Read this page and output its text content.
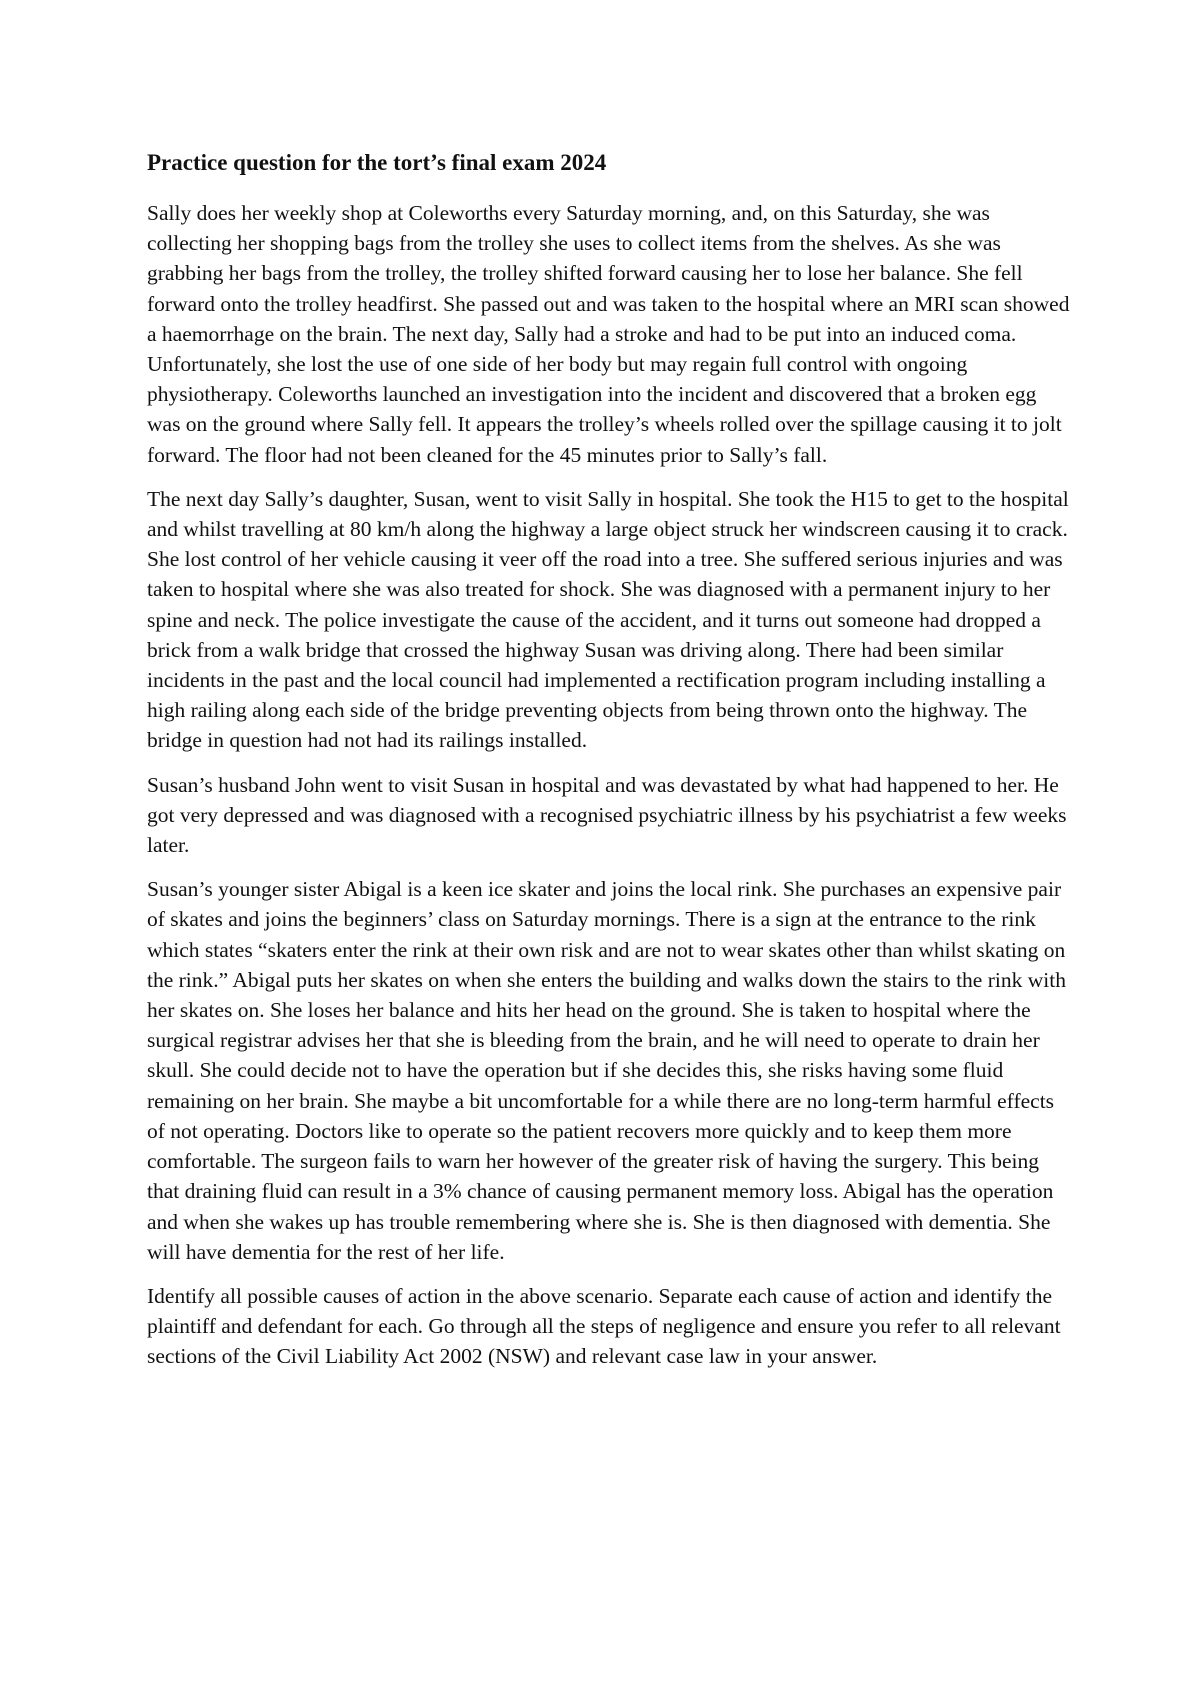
Practice question for the tort’s final exam 2024

Sally does her weekly shop at Coleworths every Saturday morning, and, on this Saturday, she was collecting her shopping bags from the trolley she uses to collect items from the shelves. As she was grabbing her bags from the trolley, the trolley shifted forward causing her to lose her balance. She fell forward onto the trolley headfirst. She passed out and was taken to the hospital where an MRI scan showed a haemorrhage on the brain. The next day, Sally had a stroke and had to be put into an induced coma. Unfortunately, she lost the use of one side of her body but may regain full control with ongoing physiotherapy. Coleworths launched an investigation into the incident and discovered that a broken egg was on the ground where Sally fell. It appears the trolley’s wheels rolled over the spillage causing it to jolt forward. The floor had not been cleaned for the 45 minutes prior to Sally’s fall.

The next day Sally’s daughter, Susan, went to visit Sally in hospital. She took the H15 to get to the hospital and whilst travelling at 80 km/h along the highway a large object struck her windscreen causing it to crack. She lost control of her vehicle causing it veer off the road into a tree. She suffered serious injuries and was taken to hospital where she was also treated for shock. She was diagnosed with a permanent injury to her spine and neck. The police investigate the cause of the accident, and it turns out someone had dropped a brick from a walk bridge that crossed the highway Susan was driving along. There had been similar incidents in the past and the local council had implemented a rectification program including installing a high railing along each side of the bridge preventing objects from being thrown onto the highway. The bridge in question had not had its railings installed.

Susan’s husband John went to visit Susan in hospital and was devastated by what had happened to her. He got very depressed and was diagnosed with a recognised psychiatric illness by his psychiatrist a few weeks later.

Susan’s younger sister Abigal is a keen ice skater and joins the local rink. She purchases an expensive pair of skates and joins the beginners’ class on Saturday mornings. There is a sign at the entrance to the rink which states “skaters enter the rink at their own risk and are not to wear skates other than whilst skating on the rink.” Abigal puts her skates on when she enters the building and walks down the stairs to the rink with her skates on. She loses her balance and hits her head on the ground. She is taken to hospital where the surgical registrar advises her that she is bleeding from the brain, and he will need to operate to drain her skull. She could decide not to have the operation but if she decides this, she risks having some fluid remaining on her brain. She maybe a bit uncomfortable for a while there are no long-term harmful effects of not operating. Doctors like to operate so the patient recovers more quickly and to keep them more comfortable. The surgeon fails to warn her however of the greater risk of having the surgery. This being that draining fluid can result in a 3% chance of causing permanent memory loss. Abigal has the operation and when she wakes up has trouble remembering where she is. She is then diagnosed with dementia. She will have dementia for the rest of her life.

Identify all possible causes of action in the above scenario. Separate each cause of action and identify the plaintiff and defendant for each. Go through all the steps of negligence and ensure you refer to all relevant sections of the Civil Liability Act 2002 (NSW) and relevant case law in your answer.
